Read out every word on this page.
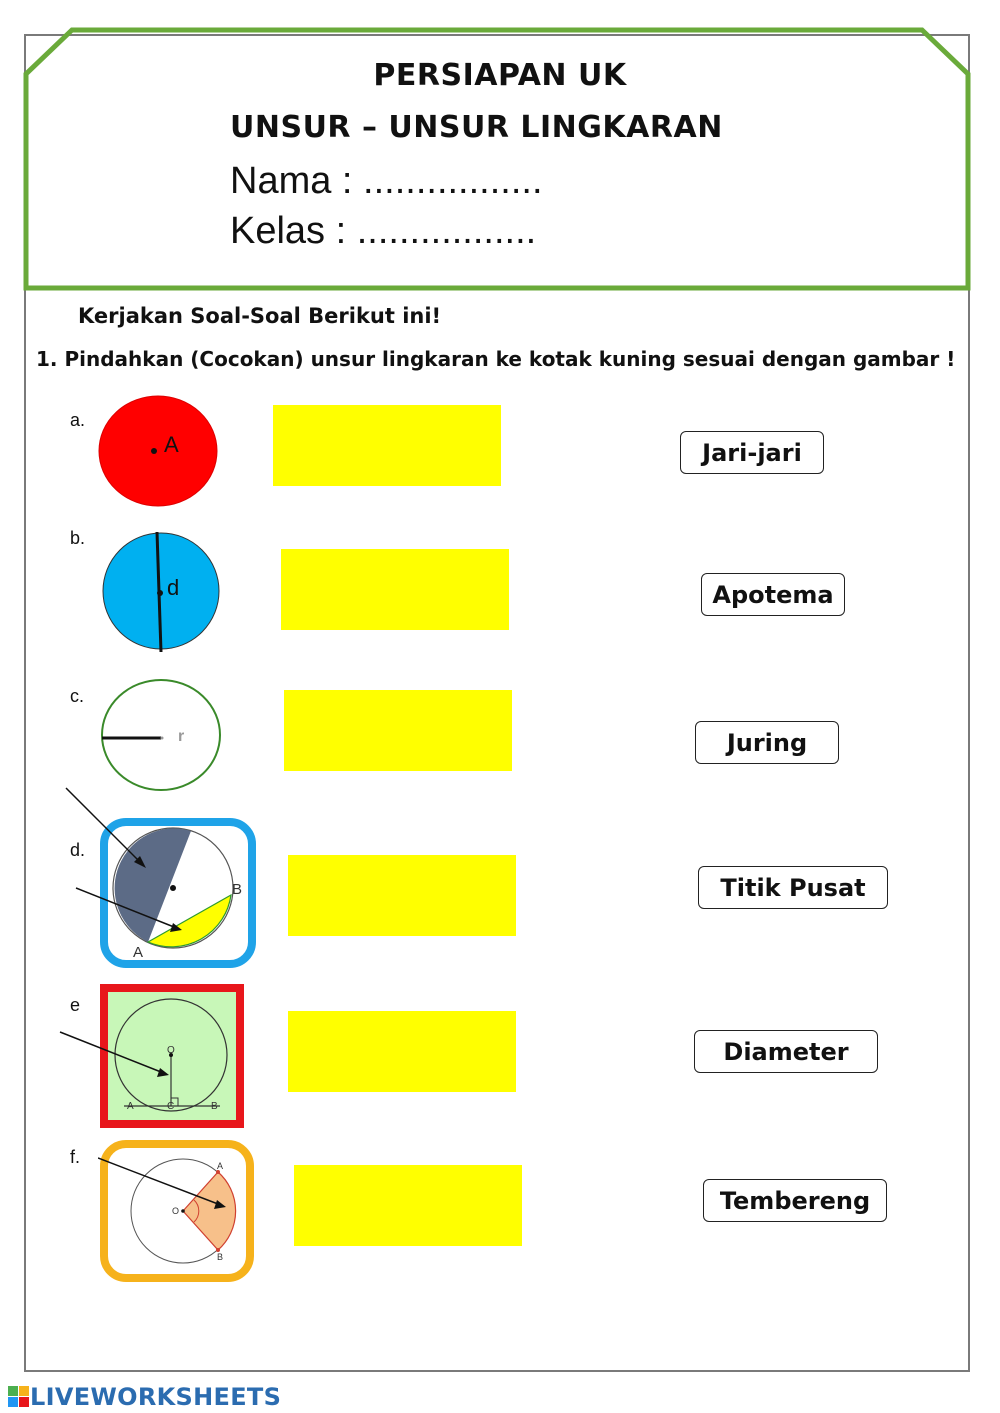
PERSIAPAN UK
UNSUR – UNSUR LINGKARAN
Nama : .................
Kelas : .................
Kerjakan Soal-Soal Berikut ini!
1. Pindahkan (Cocokan) unsur lingkaran ke kotak kuning sesuai dengan gambar !
a.
A	Jari-jari
b.
d	Apotema
c.
r	Juring
d.
B
A
Titik Pusat
e
O
A	C	B
Diameter
f.
O
A
B
Tembereng
LIVEWORKSHEETS
